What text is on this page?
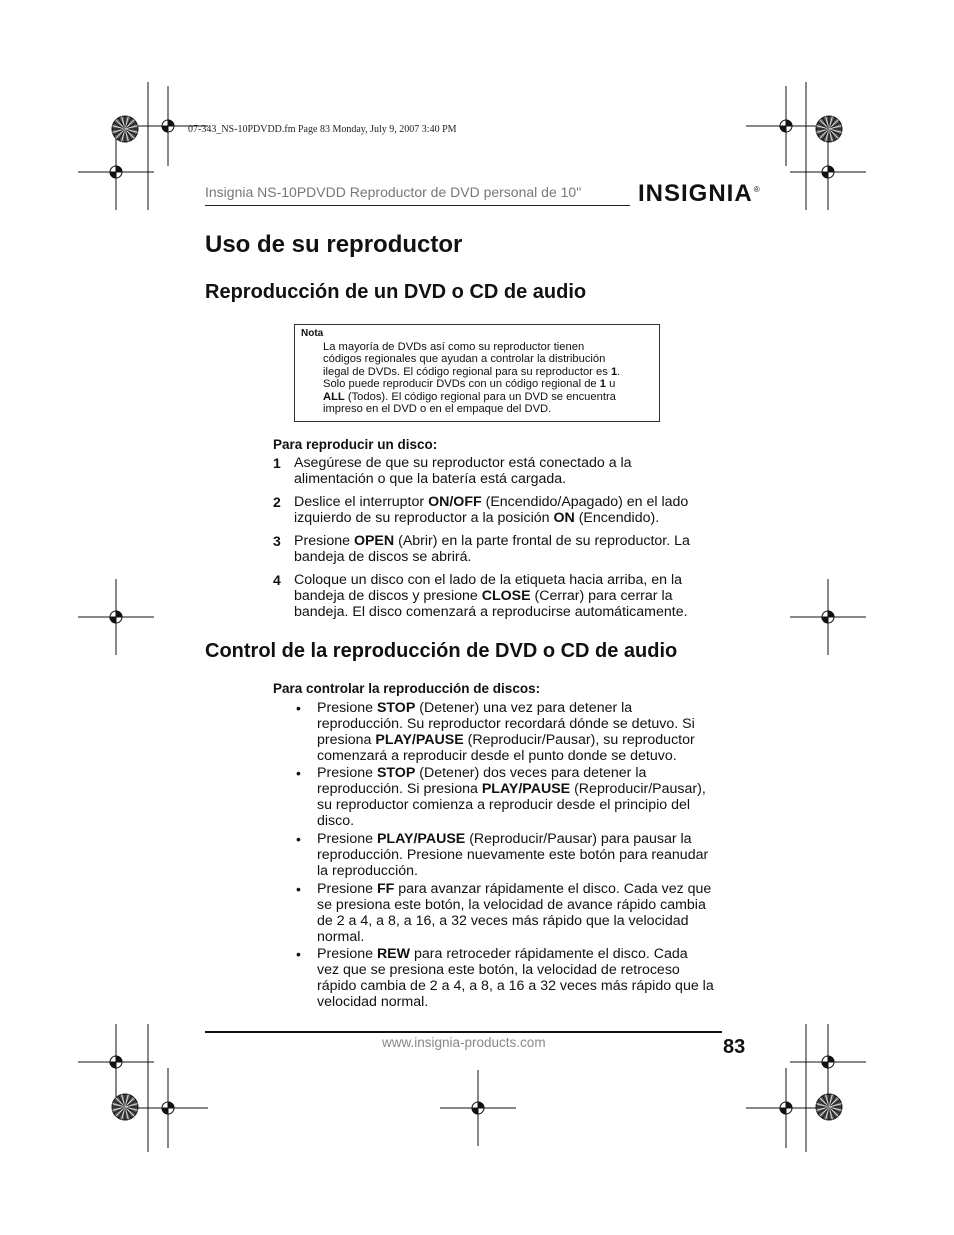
07-343_NS-10PDVDD.fm Page 83 Monday, July 9, 2007 3:40 PM
Insignia NS-10PDVDD Reproductor de DVD personal de 10" INSIGNIA®
Uso de su reproductor
Reproducción de un DVD o CD de audio
Nota
La mayoría de DVDs así como su reproductor tienen
códigos regionales que ayudan a controlar la distribución
ilegal de DVDs. El código regional para su reproductor es 1.
Solo puede reproducir DVDs con un código regional de 1 u
ALL (Todos). El código regional para un DVD se encuentra
impreso en el DVD o en el empaque del DVD.
Para reproducir un disco:
1 Asegúrese de que su reproductor está conectado a la
alimentación o que la batería está cargada.
2 Deslice el interruptor ON/OFF (Encendido/Apagado) en el lado
izquierdo de su reproductor a la posición ON (Encendido).
3 Presione OPEN (Abrir) en la parte frontal de su reproductor. La
bandeja de discos se abrirá.
4 Coloque un disco con el lado de la etiqueta hacia arriba, en la
bandeja de discos y presione CLOSE (Cerrar) para cerrar la
bandeja. El disco comenzará a reproducirse automáticamente.
Control de la reproducción de DVD o CD de audio
Para controlar la reproducción de discos:
• Presione STOP (Detener) una vez para detener la
reproducción. Su reproductor recordará dónde se detuvo. Si
presiona PLAY/PAUSE (Reproducir/Pausar), su reproductor
comenzará a reproducir desde el punto donde se detuvo.
• Presione STOP (Detener) dos veces para detener la
reproducción. Si presiona PLAY/PAUSE (Reproducir/Pausar),
su reproductor comienza a reproducir desde el principio del
disco.
• Presione PLAY/PAUSE (Reproducir/Pausar) para pausar la
reproducción. Presione nuevamente este botón para reanudar
la reproducción.
• Presione FF para avanzar rápidamente el disco. Cada vez que
se presiona este botón, la velocidad de avance rápido cambia
de 2 a 4, a 8, a 16, a 32 veces más rápido que la velocidad
normal.
• Presione REW para retroceder rápidamente el disco. Cada
vez que se presiona este botón, la velocidad de retroceso
rápido cambia de 2 a 4, a 8, a 16 a 32 veces más rápido que la
velocidad normal.
www.insignia-products.com	83
